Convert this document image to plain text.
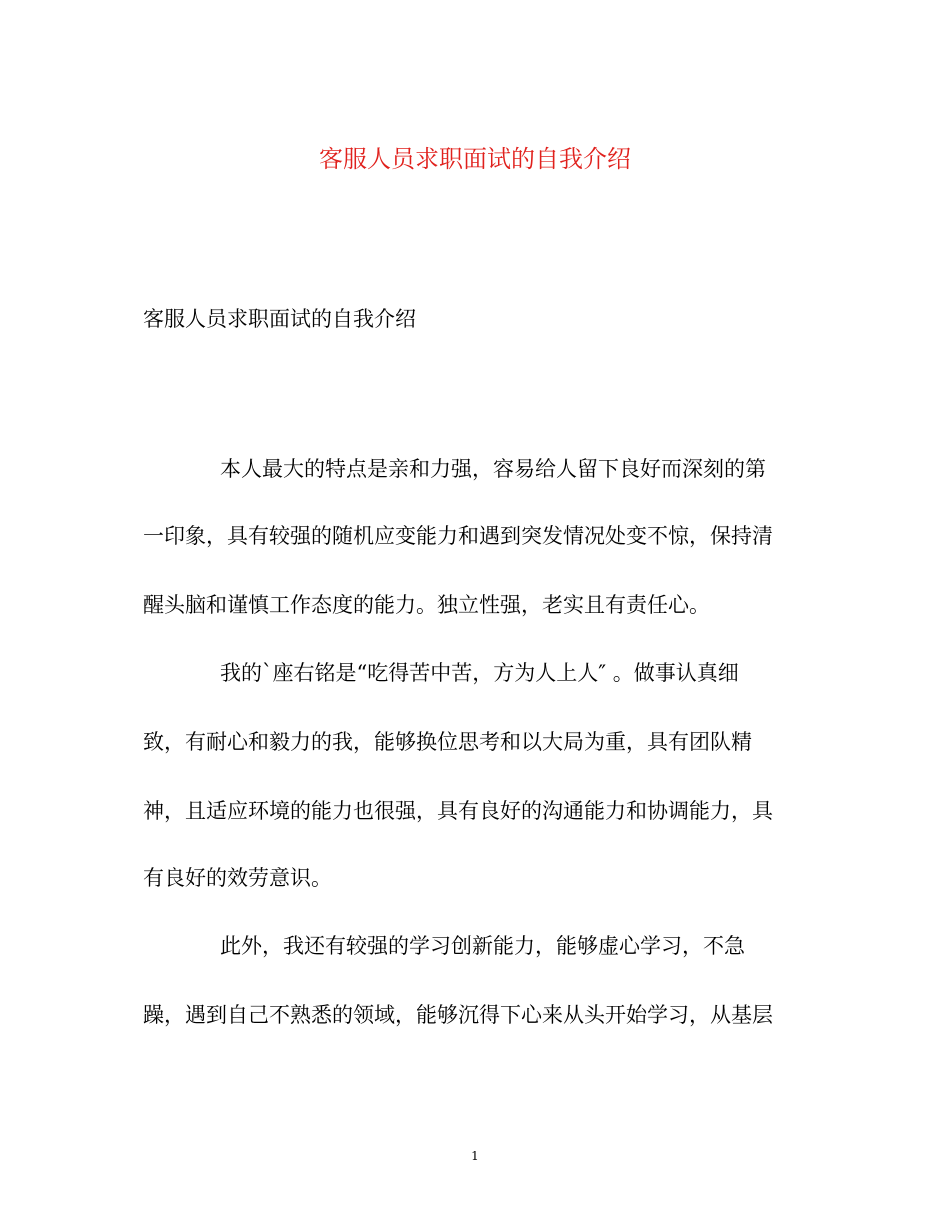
客服人员求职面试的自我介绍

客服人员求职面试的自我介绍

本人最大的特点是亲和力强，容易给人留下良好而深刻的第
一印象，具有较强的随机应变能力和遇到突发情况处变不惊，保持清
醒头脑和谨慎工作态度的能力。独立性强，老实且有责任心。
我的`座右铭是“吃得苦中苦，方为人上人″ 。做事认真细
致，有耐心和毅力的我，能够换位思考和以大局为重，具有团队精
神，且适应环境的能力也很强，具有良好的沟通能力和协调能力，具
有良好的效劳意识。
此外，我还有较强的学习创新能力，能够虚心学习，不急
躁，遇到自己不熟悉的领域，能够沉得下心来从头开始学习，从基层
1
